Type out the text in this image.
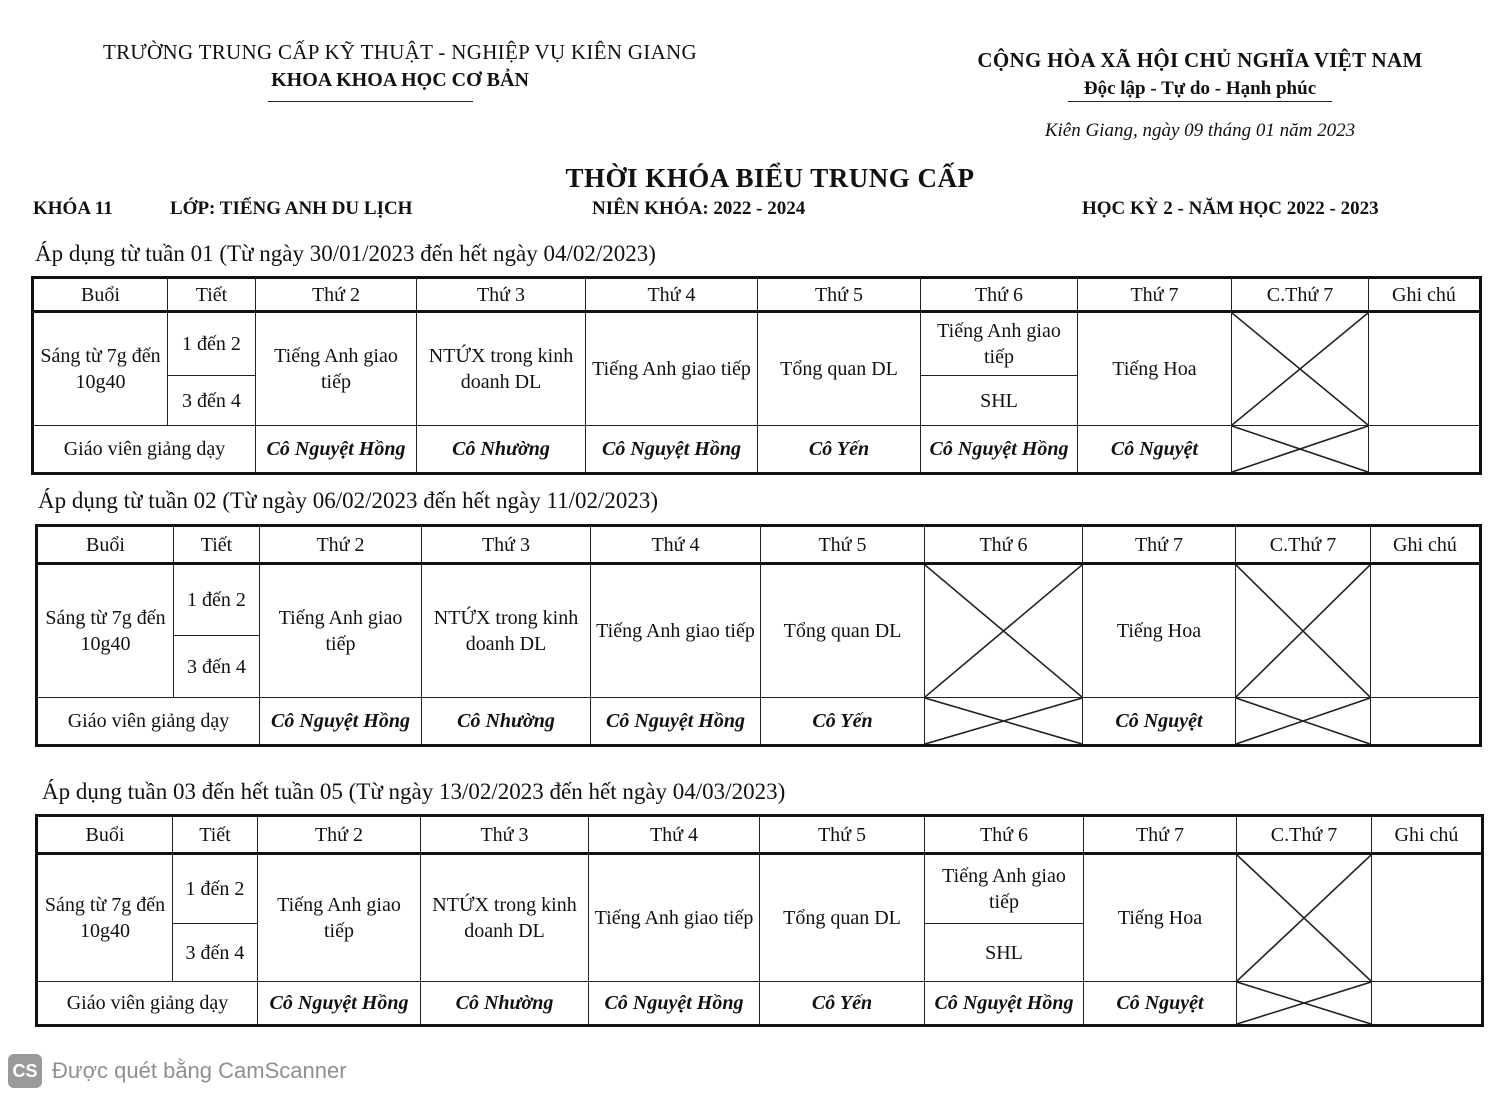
TRƯỜNG TRUNG CẤP KỸ THUẬT - NGHIỆP VỤ KIÊN GIANG
KHOA KHOA HỌC CƠ BẢN
CỘNG HÒA XÃ HỘI CHỦ NGHĨA VIỆT NAM
Độc lập - Tự do - Hạnh phúc
Kiên Giang, ngày 09 tháng 01 năm 2023
THỜI KHÓA BIỂU TRUNG CẤP
KHÓA 11	LỚP: TIẾNG ANH DU LỊCH	NIÊN KHÓA: 2022 - 2024	HỌC KỲ 2 - NĂM HỌC 2022 - 2023
Áp dụng từ tuần 01 (Từ ngày 30/01/2023 đến hết ngày 04/02/2023)
Buổi	Tiết	Thứ 2	Thứ 3	Thứ 4	Thứ 5	Thứ 6	Thứ 7	C.Thứ 7	Ghi chú
Sáng từ 7g đến 10g40	1 đến 2	Tiếng Anh giao tiếp	NTỨX trong kinh doanh DL	Tiếng Anh giao tiếp	Tổng quan DL	Tiếng Anh giao tiếp	Tiếng Hoa	

	3 đến 4					SHL			
Giáo viên giảng dạy		Cô Nguyệt Hồng	Cô Nhường	Cô Nguyệt Hồng	Cô Yến	Cô Nguyệt Hồng	Cô Nguyệt	

Áp dụng từ tuần 02 (Từ ngày 06/02/2023 đến hết ngày 11/02/2023)
Buổi	Tiết	Thứ 2	Thứ 3	Thứ 4	Thứ 5	Thứ 6	Thứ 7	C.Thứ 7	Ghi chú
Sáng từ 7g đến 10g40	1 đến 2	Tiếng Anh giao tiếp	NTỨX trong kinh doanh DL	Tiếng Anh giao tiếp	Tổng quan DL		Tiếng Hoa	

	3 đến 4								
Giáo viên giảng dạy		Cô Nguyệt Hồng	Cô Nhường	Cô Nguyệt Hồng	Cô Yến		Cô Nguyệt	

Áp dụng tuần 03 đến hết tuần 05 (Từ ngày 13/02/2023 đến hết ngày 04/03/2023)
Buổi	Tiết	Thứ 2	Thứ 3	Thứ 4	Thứ 5	Thứ 6	Thứ 7	C.Thứ 7	Ghi chú
Sáng từ 7g đến 10g40	1 đến 2	Tiếng Anh giao tiếp	NTỨX trong kinh doanh DL	Tiếng Anh giao tiếp	Tổng quan DL	Tiếng Anh giao tiếp	Tiếng Hoa	

	3 đến 4					SHL			
Giáo viên giảng dạy		Cô Nguyệt Hồng	Cô Nhường	Cô Nguyệt Hồng	Cô Yến	Cô Nguyệt Hồng	Cô Nguyệt	

CS Được quét bằng CamScanner
